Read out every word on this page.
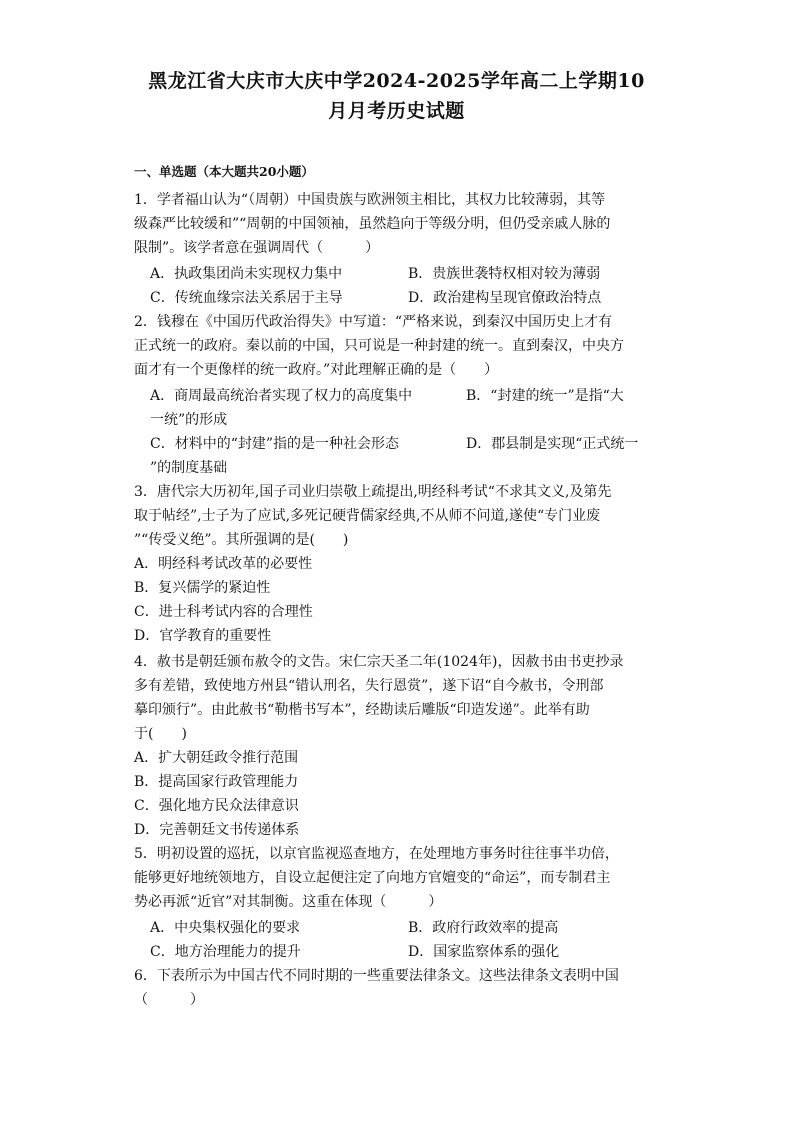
黑龙江省大庆市大庆中学2024-2025学年高二上学期10
月月考历史试题
一、单选题（本大题共20小题）
1．学者福山认为“（周朝）中国贵族与欧洲领主相比，其权力比较薄弱，其等
级森严比较缓和”“周朝的中国领袖，虽然趋向于等级分明，但仍受亲戚人脉的
限制”。该学者意在强调周代（　　　）
A．执政集团尚未实现权力集中	B．贵族世袭特权相对较为薄弱
C．传统血缘宗法关系居于主导	D．政治建构呈现官僚政治特点
2．钱穆在《中国历代政治得失》中写道：“严格来说，到秦汉中国历史上才有
正式统一的政府。秦以前的中国，只可说是一种封建的统一。直到秦汉，中央方
面才有一个更像样的统一政府。”对此理解正确的是（　　）
A．商周最高统治者实现了权力的高度集中	B．“封建的统一”是指“大
一统”的形成
C．材料中的“封建”指的是一种社会形态	D．郡县制是实现“正式统一
”的制度基础
3．唐代宗大历初年,国子司业归崇敬上疏提出,明经科考试“不求其文义,及第先
取于帖经”,士子为了应试,多死记硬背儒家经典,不从师不问道,遂使“专门业废
”“传受义绝”。其所强调的是(　　)
A．明经科考试改革的必要性
B．复兴儒学的紧迫性
C．进士科考试内容的合理性
D．官学教育的重要性
4．赦书是朝廷颁布赦令的文告。宋仁宗天圣二年(1024年)，因赦书由书吏抄录
多有差错，致使地方州县“错认刑名，失行恩赏”，遂下诏“自今赦书，令刑部
摹印颁行”。由此赦书“勒楷书写本”，经勘读后雕版“印造发递”。此举有助
于(　　)
A．扩大朝廷政令推行范围
B．提高国家行政管理能力
C．强化地方民众法律意识
D．完善朝廷文书传递体系
5．明初设置的巡抚，以京官监视巡查地方，在处理地方事务时往往事半功倍，
能够更好地统领地方，自设立起便注定了向地方官嬗变的“命运”，而专制君主
势必再派“近官”对其制衡。这重在体现（　　　）
A．中央集权强化的要求	B．政府行政效率的提高
C．地方治理能力的提升	D．国家监察体系的强化
6．下表所示为中国古代不同时期的一些重要法律条文。这些法律条文表明中国
（　　　）
